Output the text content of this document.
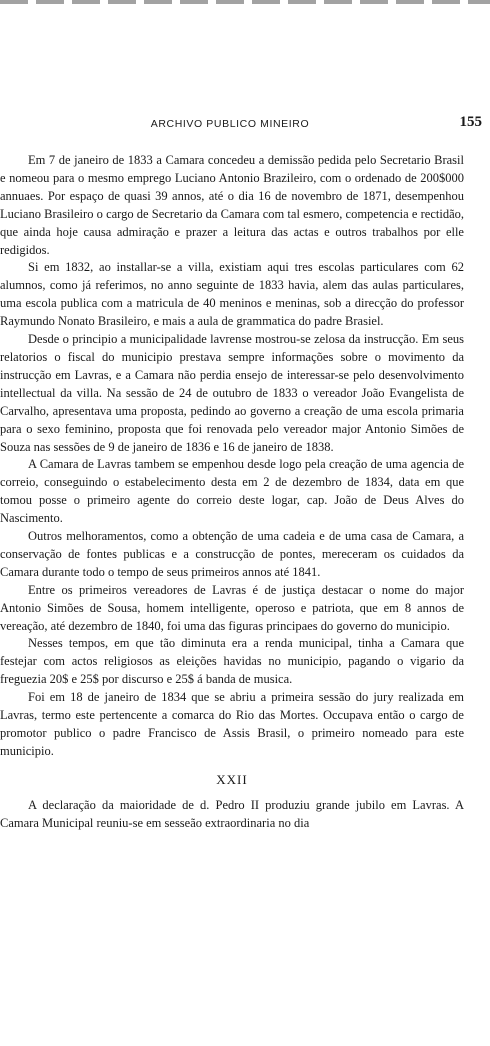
ARCHIVO PUBLICO MINEIRO	155

Em 7 de janeiro de 1833 a Camara concedeu a demissão pedida pelo Secretario Brasil e nomeou para o mesmo emprego Luciano Antonio Brazileiro, com o ordenado de 200$000 annuaes. Por espaço de quasi 39 annos, até o dia 16 de novembro de 1871, desempenhou Luciano Brasileiro o cargo de Secretario da Camara com tal esmero, competencia e rectidão, que ainda hoje causa admiração e prazer a leitura das actas e outros trabalhos por elle redigidos.

Si em 1832, ao installar-se a villa, existiam aqui tres escolas particulares com 62 alumnos, como já referimos, no anno seguinte de 1833 havia, alem das aulas particulares, uma escola publica com a matricula de 40 meninos e meninas, sob a direcção do professor Raymundo Nonato Brasileiro, e mais a aula de grammatica do padre Brasiel.

Desde o principio a municipalidade lavrense mostrou-se zelosa da instrucção. Em seus relatorios o fiscal do municipio prestava sempre informações sobre o movimento da instrucção em Lavras, e a Camara não perdia ensejo de interessar-se pelo desenvolvimento intellectual da villa. Na sessão de 24 de outubro de 1833 o vereador João Evangelista de Carvalho, apresentava uma proposta, pedindo ao governo a creação de uma escola primaria para o sexo feminino, proposta que foi renovada pelo vereador major Antonio Simões de Souza nas sessões de 9 de janeiro de 1836 e 16 de janeiro de 1838.

A Camara de Lavras tambem se empenhou desde logo pela creação de uma agencia de correio, conseguindo o estabelecimento desta em 2 de dezembro de 1834, data em que tomou posse o primeiro agente do correio deste logar, cap. João de Deus Alves do Nascimento.

Outros melhoramentos, como a obtenção de uma cadeia e de uma casa de Camara, a conservação de fontes publicas e a construcção de pontes, mereceram os cuidados da Camara durante todo o tempo de seus primeiros annos até 1841.

Entre os primeiros vereadores de Lavras é de justiça destacar o nome do major Antonio Simões de Sousa, homem intelligente, operoso e patriota, que em 8 annos de vereação, até dezembro de 1840, foi uma das figuras principaes do governo do municipio.

Nesses tempos, em que tão diminuta era a renda municipal, tinha a Camara que festejar com actos religiosos as eleições havidas no municipio, pagando o vigario da freguezia 20$ e 25$ por discurso e 25$ á banda de musica.

Foi em 18 de janeiro de 1834 que se abriu a primeira sessão do jury realizada em Lavras, termo este pertencente a comarca do Rio das Mortes. Occupava então o cargo de promotor publico o padre Francisco de Assis Brasil, o primeiro nomeado para este municipio.

XXII

A declaração da maioridade de d. Pedro II produziu grande jubilo em Lavras. A Camara Municipal reuniu-se em sesseão extraordinaria no dia
